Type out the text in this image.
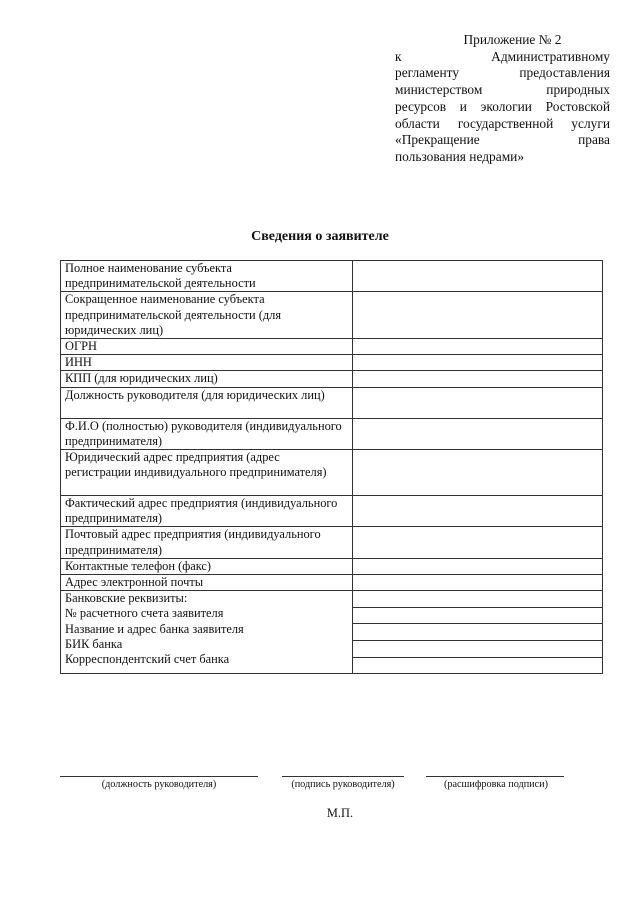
Приложение № 2
к Административному
регламенту предоставления
министерством природных
ресурсов и экологии Ростовской
области государственной услуги
«Прекращение права
пользования недрами»
Сведения о заявителе
Полное наименование субъекта предпринимательской деятельности	
Сокращенное наименование субъекта предпринимательской деятельности (для юридических лиц)	
ОГРН	
ИНН	
КПП (для юридических лиц)	
Должность руководителя (для юридических лиц)	
Ф.И.О (полностью) руководителя (индивидуального предпринимателя)	
Юридический адрес предприятия (адрес регистрации индивидуального предпринимателя)	
Фактический адрес предприятия (индивидуального предпринимателя)	
Почтовый адрес предприятия (индивидуального предпринимателя)	
Контактные телефон (факс)	
Адрес электронной почты	

Банковские реквизиты:
№ расчетного счета заявителя
Название и адрес банка заявителя
БИК банка
Корреспондентский счет банка	

(должность руководителя)	(подпись руководителя)	(расшифровка подписи)
М.П.
